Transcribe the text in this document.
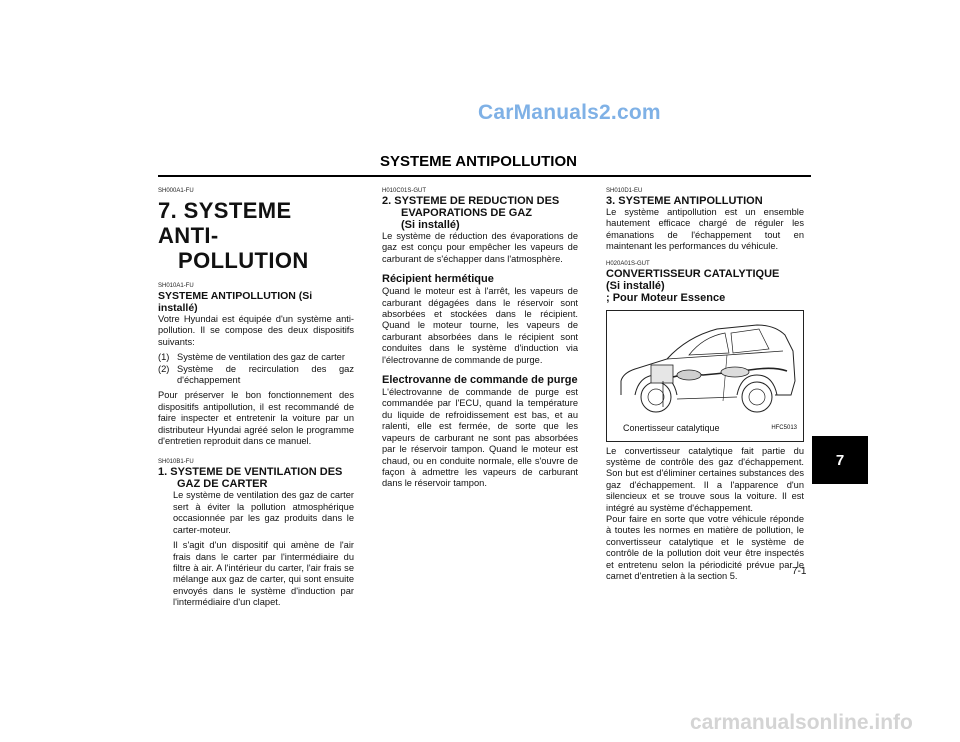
CarManuals2.com
SYSTEME ANTIPOLLUTION
SH000A1-FU
7. SYSTEME ANTI-
POLLUTION
SH010A1-FU
SYSTEME ANTIPOLLUTION (Si installé)

Votre Hyundai est équipée d'un système anti-pollution. Il se compose des deux dispositifs suivants:

(1) Système de ventilation des gaz de carter
(2) Système de recirculation des gaz d'échappement

Pour préserver le bon fonctionnement des dispositifs antipollution, il est recommandé de faire inspecter et entretenir la voiture par un distributeur Hyundai agréé selon le programme d'entretien reproduit dans ce manuel.

SH010B1-FU
1. SYSTEME DE VENTILATION DES
GAZ DE CARTER

Le système de ventilation des gaz de carter sert à éviter la pollution atmosphérique occasionnée par les gaz produits dans le carter-moteur.

Il s'agit d'un dispositif qui amène de l'air frais dans le carter par l'intermédiaire du filtre à air. A l'intérieur du carter, l'air frais se mélange aux gaz de carter, qui sont ensuite envoyés dans le système d'induction par l'intermédiaire d'un clapet.

H010C01S-GUT
2. SYSTEME DE REDUCTION DES
EVAPORATIONS DE GAZ
(Si installé)

Le système de réduction des évaporations de gaz est conçu pour empêcher les vapeurs de carburant de s'échapper dans l'atmosphère.

Récipient hermétique

Quand le moteur est à l'arrêt, les vapeurs de carburant dégagées dans le réservoir sont absorbées et stockées dans le récipient. Quand le moteur tourne, les vapeurs de carburant absorbées dans le récipient sont conduites dans le système d'induction via l'électrovanne de commande de purge.

Electrovanne de commande de purge

L'électrovanne de commande de purge est commandée par l'ECU, quand la température du liquide de refroidissement est bas, et au ralenti, elle est fermée, de sorte que les vapeurs de carburant ne sont pas absorbées par le réservoir tampon. Quand le moteur est chaud, ou en conduite normale, elle s'ouvre de façon à admettre les vapeurs de carburant dans le réservoir tampon.

SH010D1-EU
3. SYSTEME ANTIPOLLUTION

Le système antipollution est un ensemble hautement efficace chargé de réguler les émanations de l'échappement tout en maintenant les performances du véhicule.

H020A01S-GUT
CONVERTISSEUR CATALYTIQUE
(Si installé)
; Pour Moteur Essence
Conertisseur catalytique	HFC5013

Le convertisseur catalytique fait partie du système de contrôle des gaz d'échappement. Son but est d'éliminer certaines substances des gaz d'échappement. Il a l'apparence d'un silencieux et se trouve sous la voiture. Il est intégré au système d'échappement.

Pour faire en sorte que votre véhicule réponde à toutes les normes en matière de pollution, le convertisseur catalytique et le système de contrôle de la pollution doit veur être inspectés et entretenu selon la périodicité prévue par le carnet d'entretien à la section 5.

7
7-1
carmanualsonline.info
